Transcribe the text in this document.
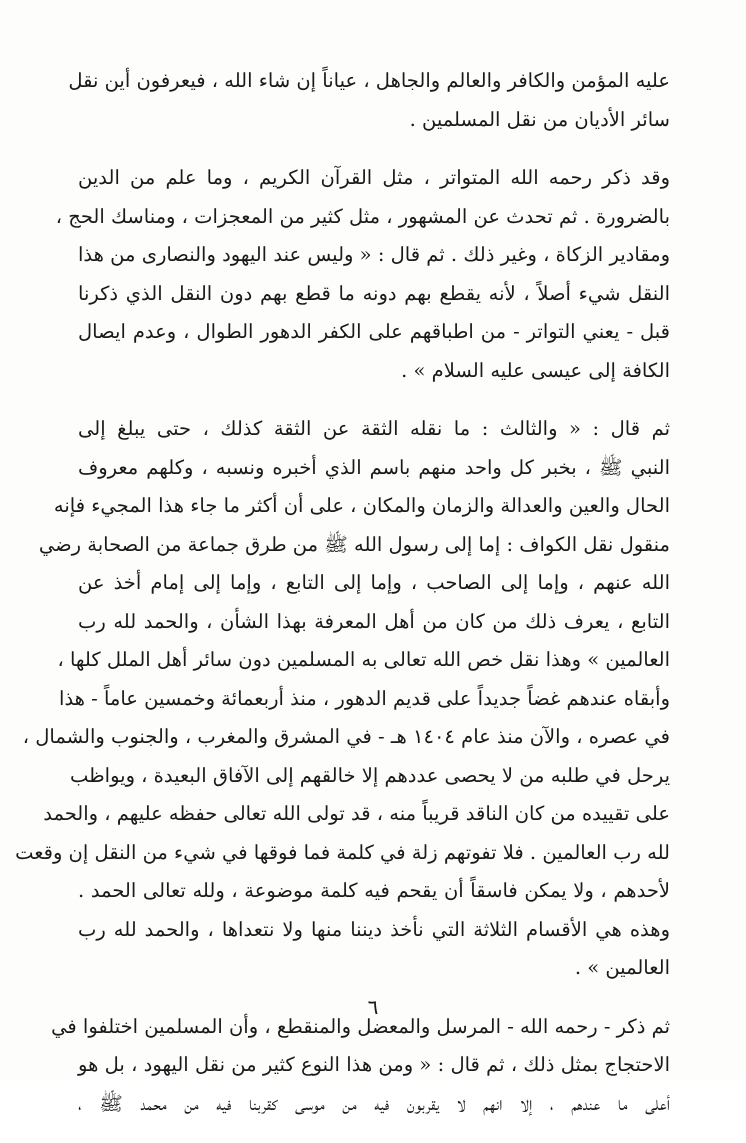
عليه المؤمن والكافر والعالم والجاهل ، عياناً إن شاء الله ، فيعرفون أين نقل
سائر الأديان من نقل المسلمين .
وقد ذكر رحمه الله المتواتر ، مثل القرآن الكريم ، وما علم من الدين
بالضرورة . ثم تحدث عن المشهور ، مثل كثير من المعجزات ، ومناسك الحج ،
ومقادير الزكاة ، وغير ذلك . ثم قال : « وليس عند اليهود والنصارى من هذا
النقل شيء أصلاً ، لأنه يقطع بهم دونه ما قطع بهم دون النقل الذي ذكرنا
قبل - يعني التواتر - من اطباقهم على الكفر الدهور الطوال ، وعدم ايصال
الكافة إلى عيسى عليه السلام » .
ثم قال : « والثالث : ما نقله الثقة عن الثقة كذلك ، حتى يبلغ إلى
النبي ﷺ ، بخبر كل واحد منهم باسم الذي أخبره ونسبه ، وكلهم معروف
الحال والعين والعدالة والزمان والمكان ، على أن أكثر ما جاء هذا المجيء فإنه
منقول نقل الكواف : إما إلى رسول الله ﷺ من طرق جماعة من الصحابة رضي
الله عنهم ، وإما إلى الصاحب ، وإما إلى التابع ، وإما إلى إمام أخذ عن
التابع ، يعرف ذلك من كان من أهل المعرفة بهذا الشأن ، والحمد لله رب
العالمين » وهذا نقل خص الله تعالى به المسلمين دون سائر أهل الملل كلها ،
وأبقاه عندهم غضاً جديداً على قديم الدهور ، منذ أربعمائة وخمسين عاماً - هذا
في عصره ، والآن منذ عام ١٤٠٤ هـ - في المشرق والمغرب ، والجنوب والشمال ،
يرحل في طلبه من لا يحصى عددهم إلا خالقهم إلى الآفاق البعيدة ، ويواظب
على تقييده من كان الناقد قريباً منه ، قد تولى الله تعالى حفظه عليهم ، والحمد
لله رب العالمين . فلا تفوتهم زلة في كلمة فما فوقها في شيء من النقل إن وقعت
لأحدهم ، ولا يمكن فاسقاً أن يقحم فيه كلمة موضوعة ، ولله تعالى الحمد .
وهذه هي الأقسام الثلاثة التي نأخذ ديننا منها ولا نتعداها ، والحمد لله رب
العالمين » .
ثم ذكر - رحمه الله - المرسل والمعضل والمنقطع ، وأن المسلمين اختلفوا في
الاحتجاج بمثل ذلك ، ثم قال : « ومن هذا النوع كثير من نقل اليهود ، بل هو
أعلى ما عندهم ، إلا انهم لا يقربون فيه من موسى كقربنا فيه من محمد ﷺ ،
٦
